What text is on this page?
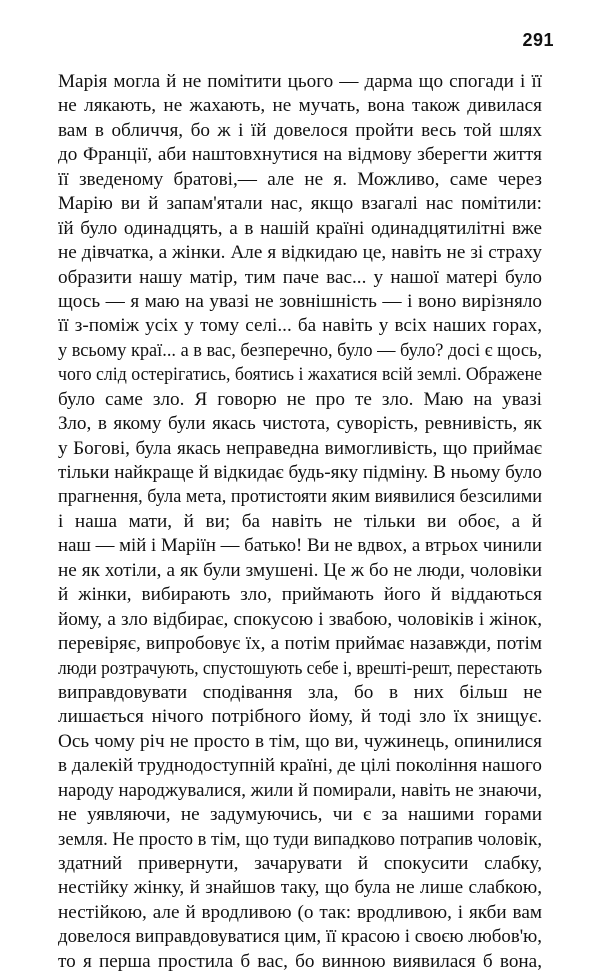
291
Марія могла й не помітити цього — дарма що спогади і її
не лякають, не жахають, не мучать, вона також дивилася
вам в обличчя, бо ж і їй довелося пройти весь той шлях
до Франції, аби наштовхнутися на відмову зберегти життя
її зведеному братові,— але не я. Можливо, саме через
Марію ви й запам'ятали нас, якщо взагалі нас помітили:
їй було одинадцять, а в нашій країні одинадцятилітні вже
не дівчатка, а жінки. Але я відкидаю це, навіть не зі страху
образити нашу матір, тим паче вас... у нашої матері було
щось — я маю на увазі не зовнішність — і воно вирізняло
її з-поміж усіх у тому селі... ба навіть у всіх наших горах,
у всьому краї... а в вас, безперечно, було — було? досі є щось,
чого слід остерігатись, боятись і жахатися всій землі. Ображене
було саме зло. Я говорю не про те зло. Маю на увазі
Зло, в якому були якась чистота, суворість, ревнивість, як
у Богові, була якась неправедна вимогливість, що приймає
тільки найкраще й відкидає будь-яку підміну. В ньому було
прагнення, була мета, протистояти яким виявилися безсилими
і наша мати, й ви; ба навіть не тільки ви обоє, а й
наш — мій і Маріїн — батько! Ви не вдвох, а втрьох чинили
не як хотіли, а як були змушені. Це ж бо не люди, чоловіки
й жінки, вибирають зло, приймають його й віддаються
йому, а зло відбирає, спокусою і звабою, чоловіків і жінок,
перевіряє, випробовує їх, а потім приймає назавжди, потім
люди розтрачують, спустошують себе і, врешті-решт, перестають
виправдовувати сподівання зла, бо в них більш не
лишається нічого потрібного йому, й тоді зло їх знищує.
Ось чому річ не просто в тім, що ви, чужинець, опинилися
в далекій труднодоступній країні, де цілі покоління нашого
народу народжувалися, жили й помирали, навіть не знаючи,
не уявляючи, не задумуючись, чи є за нашими горами
земля. Не просто в тім, що туди випадково потрапив чоловік,
здатний привернути, зачарувати й спокусити слабку,
нестійку жінку, й знайшов таку, що була не лише слабкою,
нестійкою, але й вродливою (о так: вродливою, і якби вам
довелося виправдовуватися цим, її красою і своєю любов'ю,
то я перша простила б вас, бо винною виявилася б вона,
